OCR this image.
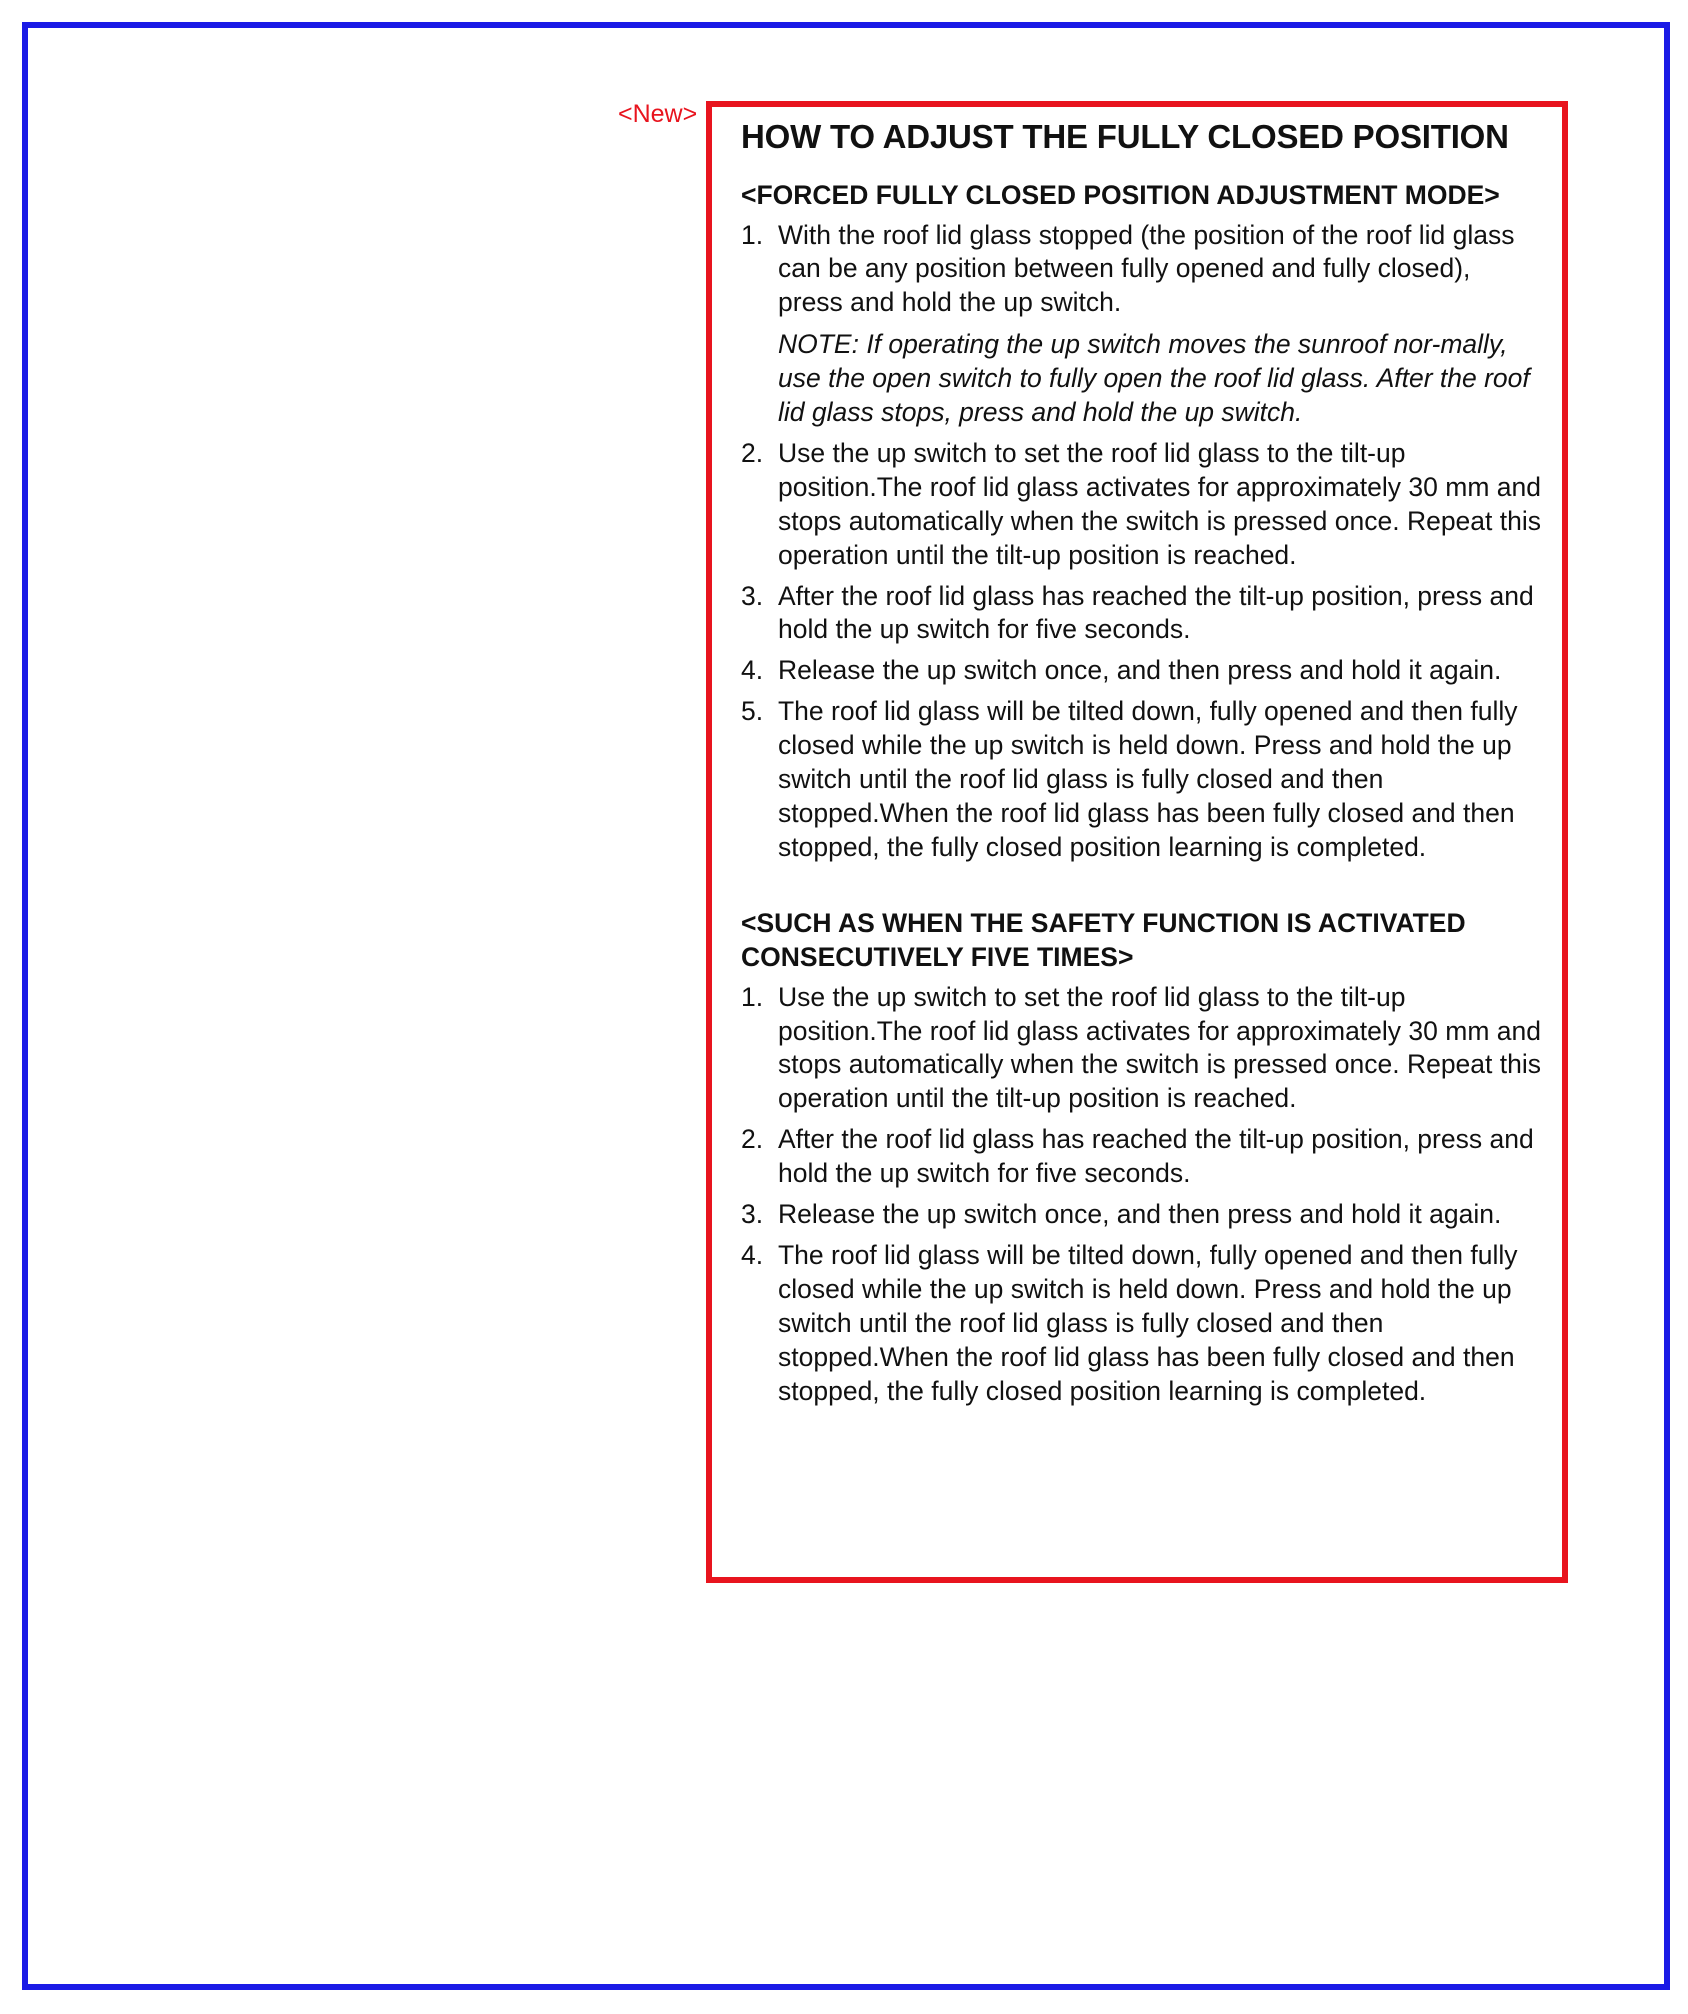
<New>
HOW TO ADJUST THE FULLY CLOSED POSITION
<FORCED FULLY CLOSED POSITION ADJUSTMENT MODE>
1. With the roof lid glass stopped (the position of the roof lid glass can be any position between fully opened and fully closed), press and hold the up switch.
NOTE: If operating the up switch moves the sunroof nor-mally, use the open switch to fully open the roof lid glass. After the roof lid glass stops, press and hold the up switch.
2. Use the up switch to set the roof lid glass to the tilt-up position.The roof lid glass activates for approximately 30 mm and stops automatically when the switch is pressed once. Repeat this operation until the tilt-up position is reached.
3. After the roof lid glass has reached the tilt-up position, press and hold the up switch for five seconds.
4. Release the up switch once, and then press and hold it again.
5. The roof lid glass will be tilted down, fully opened and then fully closed while the up switch is held down. Press and hold the up switch until the roof lid glass is fully closed and then stopped.When the roof lid glass has been fully closed and then stopped, the fully closed position learning is completed.
<SUCH AS WHEN THE SAFETY FUNCTION IS ACTIVATED CONSECUTIVELY FIVE TIMES>
1. Use the up switch to set the roof lid glass to the tilt-up position.The roof lid glass activates for approximately 30 mm and stops automatically when the switch is pressed once. Repeat this operation until the tilt-up position is reached.
2. After the roof lid glass has reached the tilt-up position, press and hold the up switch for five seconds.
3. Release the up switch once, and then press and hold it again.
4. The roof lid glass will be tilted down, fully opened and then fully closed while the up switch is held down. Press and hold the up switch until the roof lid glass is fully closed and then stopped.When the roof lid glass has been fully closed and then stopped, the fully closed position learning is completed.
